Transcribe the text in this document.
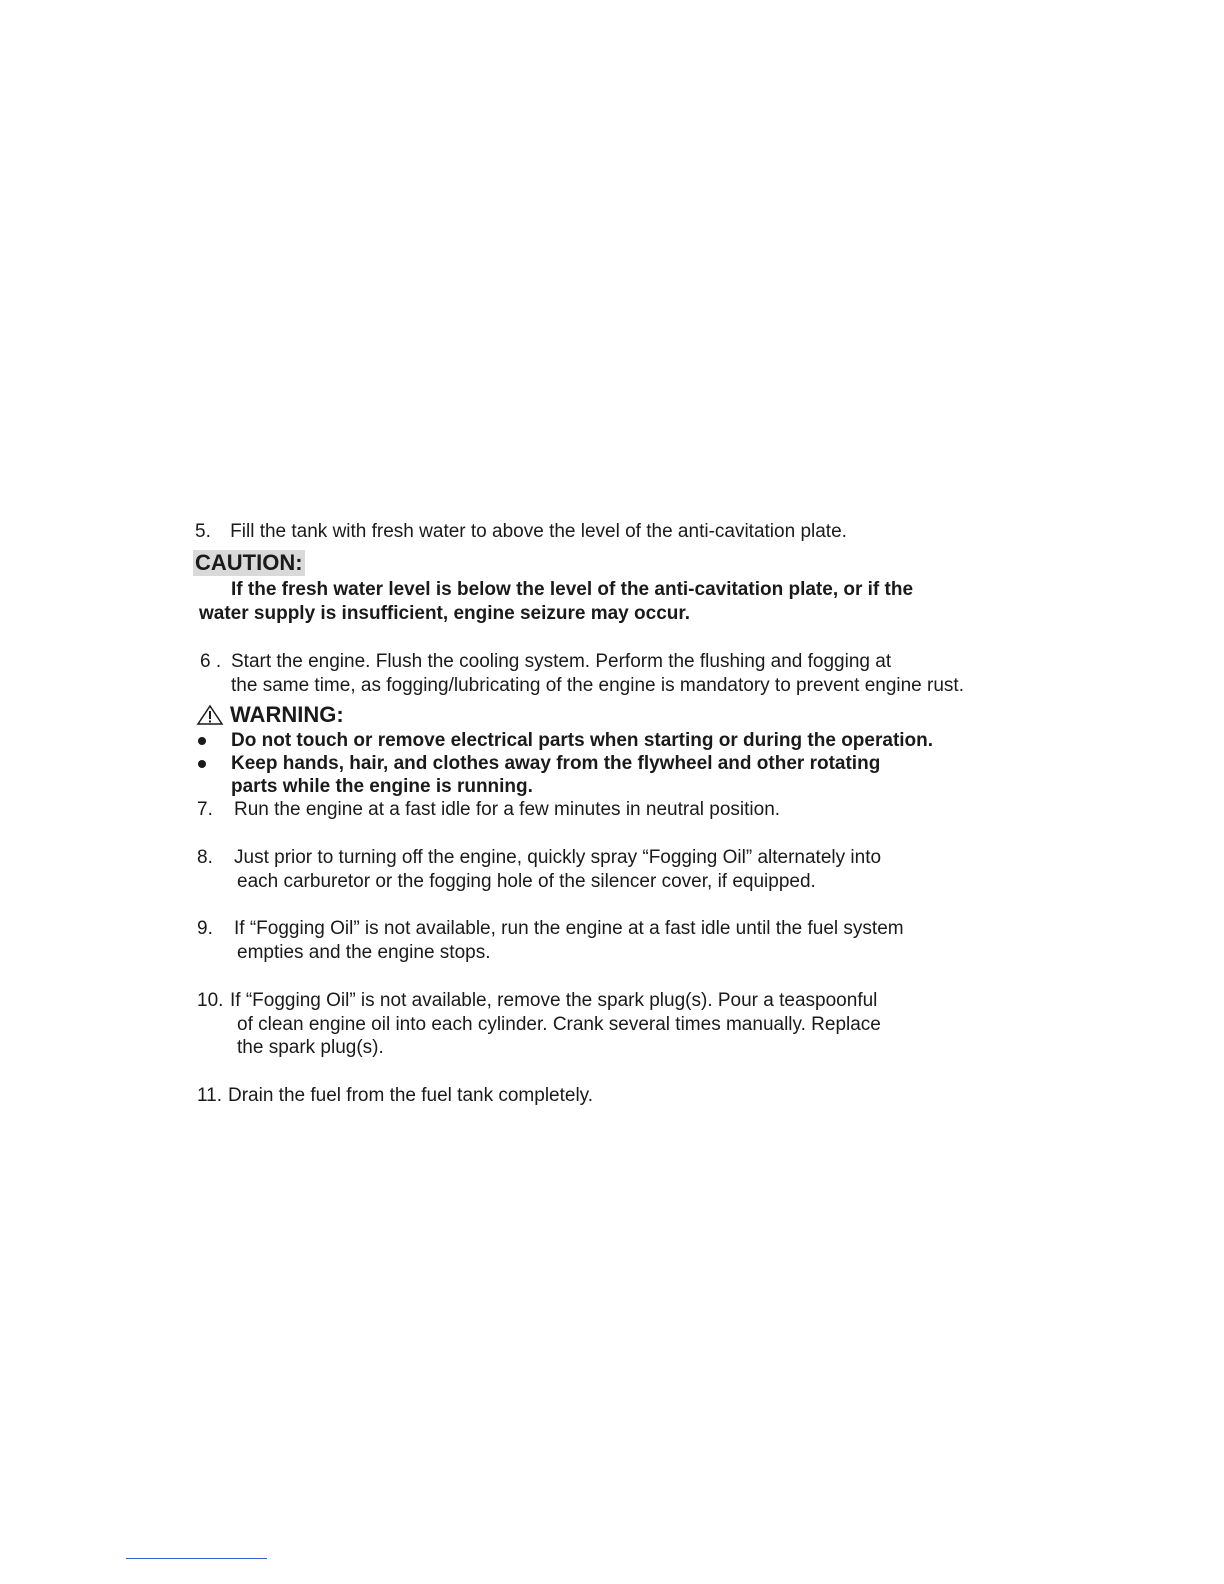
5. Fill the tank with fresh water to above the level of the anti-cavitation plate.
CAUTION:
If the fresh water level is below the level of the anti-cavitation plate, or if the
water supply is insufficient, engine seizure may occur.
6 . Start the engine. Flush the cooling system. Perform the flushing and fogging at
the same time, as fogging/lubricating of the engine is mandatory to prevent engine rust.
WARNING:
Do not touch or remove electrical parts when starting or during the operation.
Keep hands, hair, and clothes away from the flywheel and other rotating
parts while the engine is running.
7. Run the engine at a fast idle for a few minutes in neutral position.
8. Just prior to turning off the engine, quickly spray “Fogging Oil” alternately into
each carburetor or the fogging hole of the silencer cover, if equipped.
9. If “Fogging Oil” is not available, run the engine at a fast idle until the fuel system
empties and the engine stops.
10. If “Fogging Oil” is not available, remove the spark plug(s). Pour a teaspoonful
of clean engine oil into each cylinder. Crank several times manually. Replace
the spark plug(s).
11. Drain the fuel from the fuel tank completely.
